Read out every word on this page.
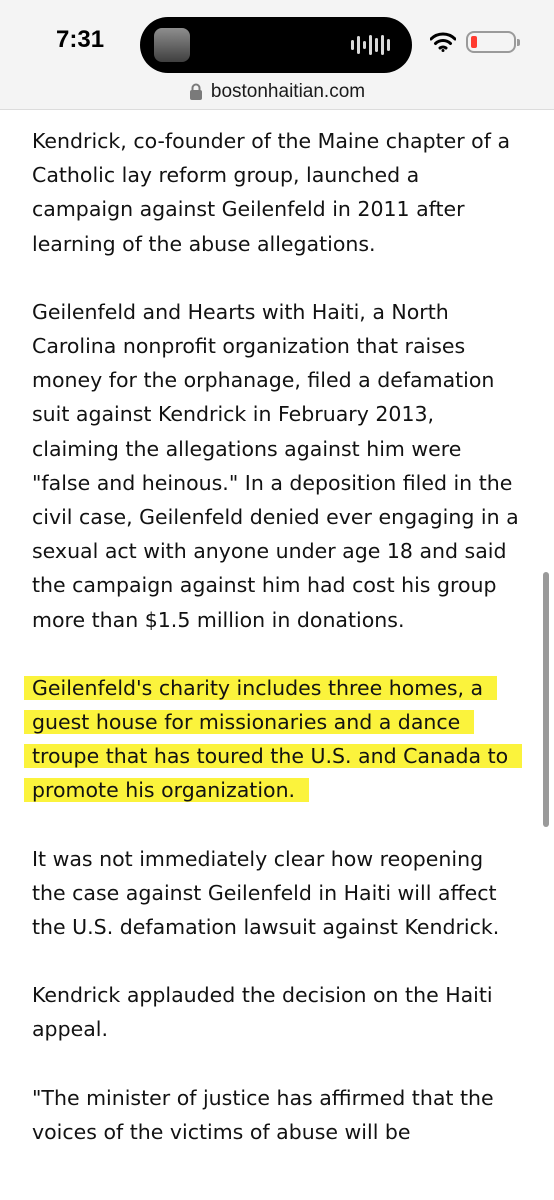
7:31
bostonhaitian.com

Kendrick, co-founder of the Maine chapter of a Catholic lay reform group, launched a campaign against Geilenfeld in 2011 after learning of the abuse allegations.

Geilenfeld and Hearts with Haiti, a North Carolina nonprofit organization that raises money for the orphanage, filed a defamation suit against Kendrick in February 2013, claiming the allegations against him were "false and heinous." In a deposition filed in the civil case, Geilenfeld denied ever engaging in a sexual act with anyone under age 18 and said the campaign against him had cost his group more than $1.5 million in donations.

Geilenfeld's charity includes three homes, a guest house for missionaries and a dance troupe that has toured the U.S. and Canada to promote his organization.

It was not immediately clear how reopening the case against Geilenfeld in Haiti will affect the U.S. defamation lawsuit against Kendrick.

Kendrick applauded the decision on the Haiti appeal.

"The minister of justice has affirmed that the voices of the victims of abuse will be
